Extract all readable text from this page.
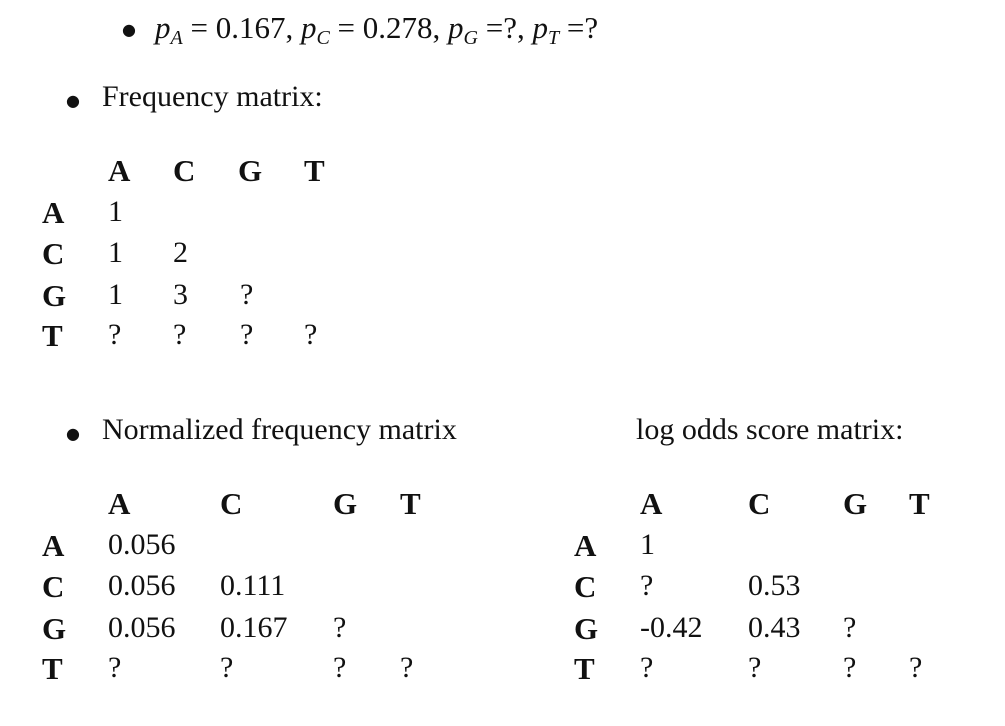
● $p_A = 0.167$, $p_C = 0.278$, $p_G$ =?, $p_T$ =?
● Frequency matrix:
A C G T
A 1
C 1 2
G 1 3 ?
T ? ? ? ?
● Normalized frequency matrix	log odds score matrix:
A	C	G T
A 0.056
C 0.056 0.111
G 0.056 0.167 ?
T ?	?	? ?
A	C G T
A 1
C ?	0.53
G -0.42 0.43 ?
T ?	?	? ?
